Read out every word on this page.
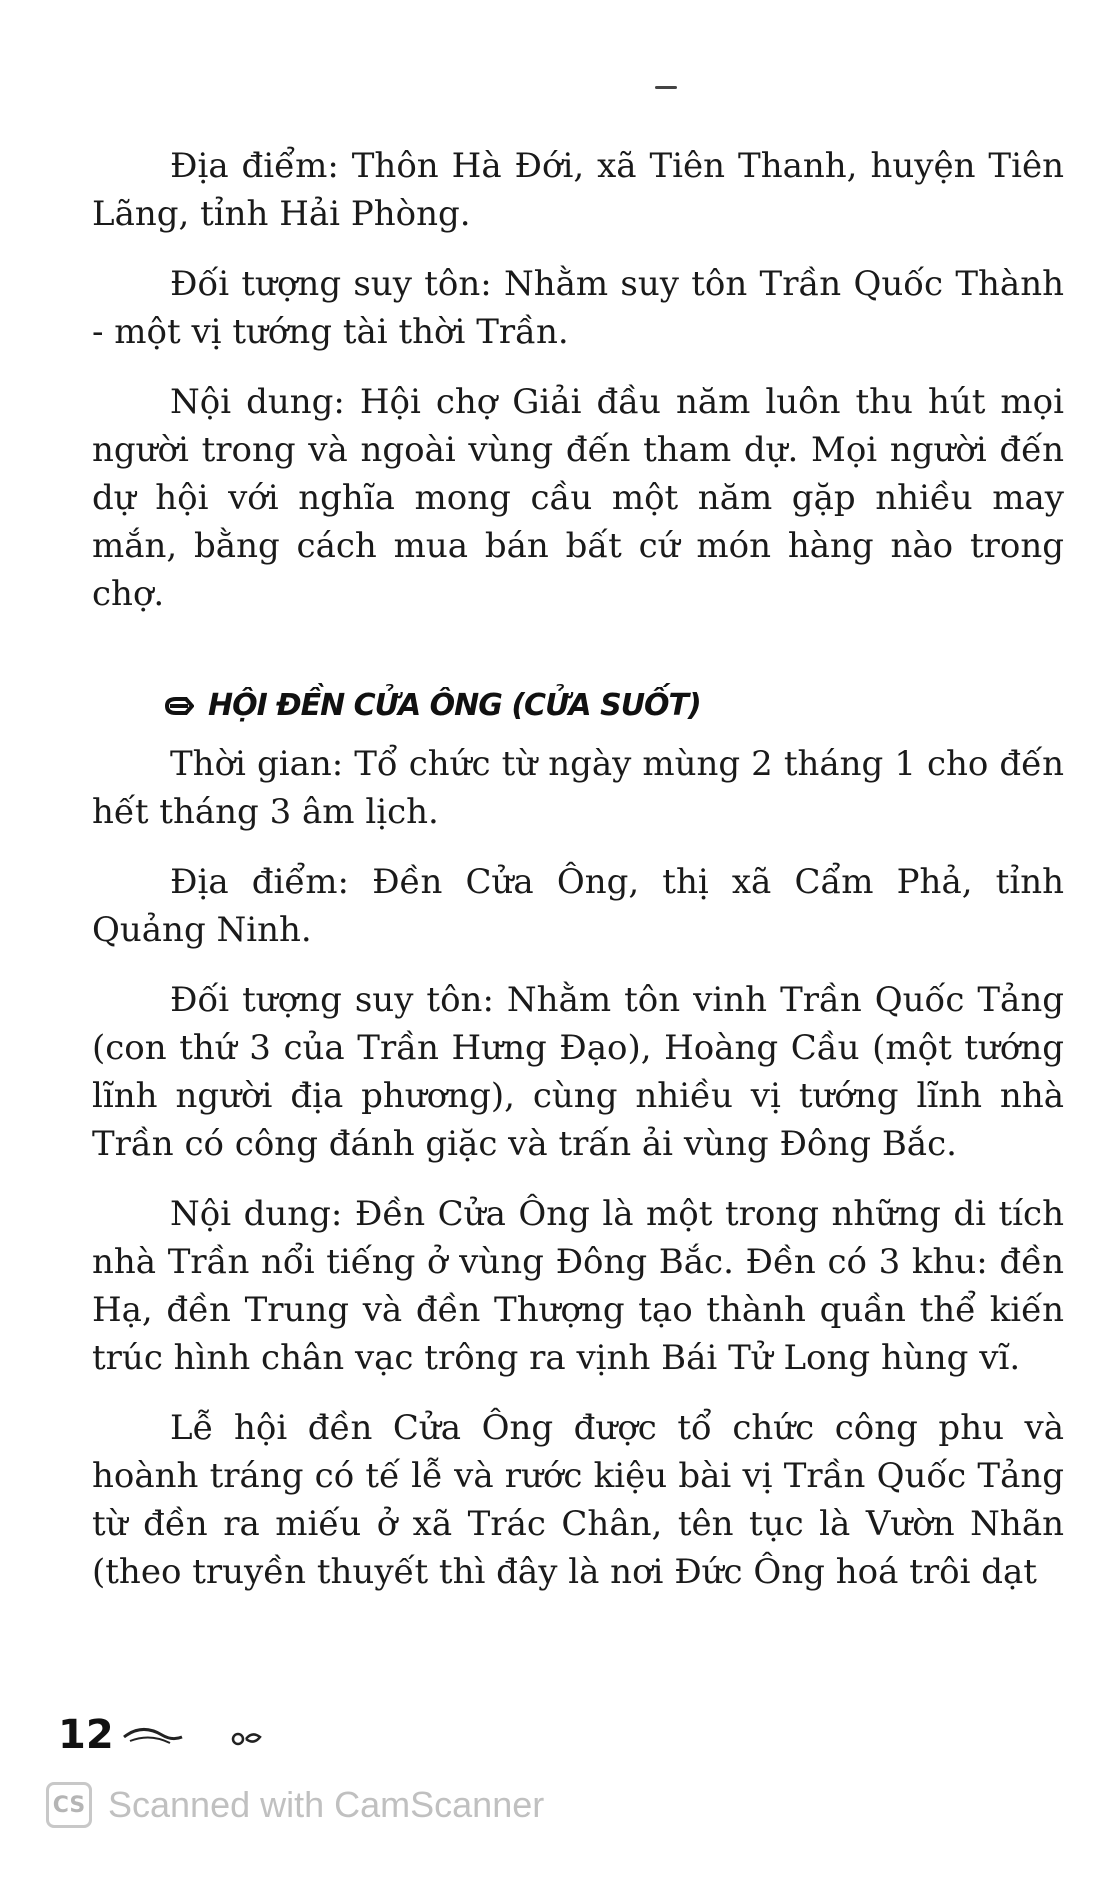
Địa điểm: Thôn Hà Đới, xã Tiên Thanh, huyện Tiên Lãng, tỉnh Hải Phòng.

Đối tượng suy tôn: Nhằm suy tôn Trần Quốc Thành - một vị tướng tài thời Trần.

Nội dung: Hội chợ Giải đầu năm luôn thu hút mọi người trong và ngoài vùng đến tham dự. Mọi người đến dự hội với nghĩa mong cầu một năm gặp nhiều may mắn, bằng cách mua bán bất cứ món hàng nào trong chợ.

HỘI ĐỀN CỬA ÔNG (CỬA SUỐT)

Thời gian: Tổ chức từ ngày mùng 2 tháng 1 cho đến hết tháng 3 âm lịch.

Địa điểm: Đền Cửa Ông, thị xã Cẩm Phả, tỉnh Quảng Ninh.

Đối tượng suy tôn: Nhằm tôn vinh Trần Quốc Tảng (con thứ 3 của Trần Hưng Đạo), Hoàng Cầu (một tướng lĩnh người địa phương), cùng nhiều vị tướng lĩnh nhà Trần có công đánh giặc và trấn ải vùng Đông Bắc.

Nội dung: Đền Cửa Ông là một trong những di tích nhà Trần nổi tiếng ở vùng Đông Bắc. Đền có 3 khu: đền Hạ, đền Trung và đền Thượng tạo thành quần thể kiến trúc hình chân vạc trông ra vịnh Bái Tử Long hùng vĩ.

Lễ hội đền Cửa Ông được tổ chức công phu và hoành tráng có tế lễ và rước kiệu bài vị Trần Quốc Tảng từ đền ra miếu ở xã Trác Chân, tên tục là Vườn Nhãn (theo truyền thuyết thì đây là nơi Đức Ông hoá trôi dạt

12
CS Scanned with CamScanner
